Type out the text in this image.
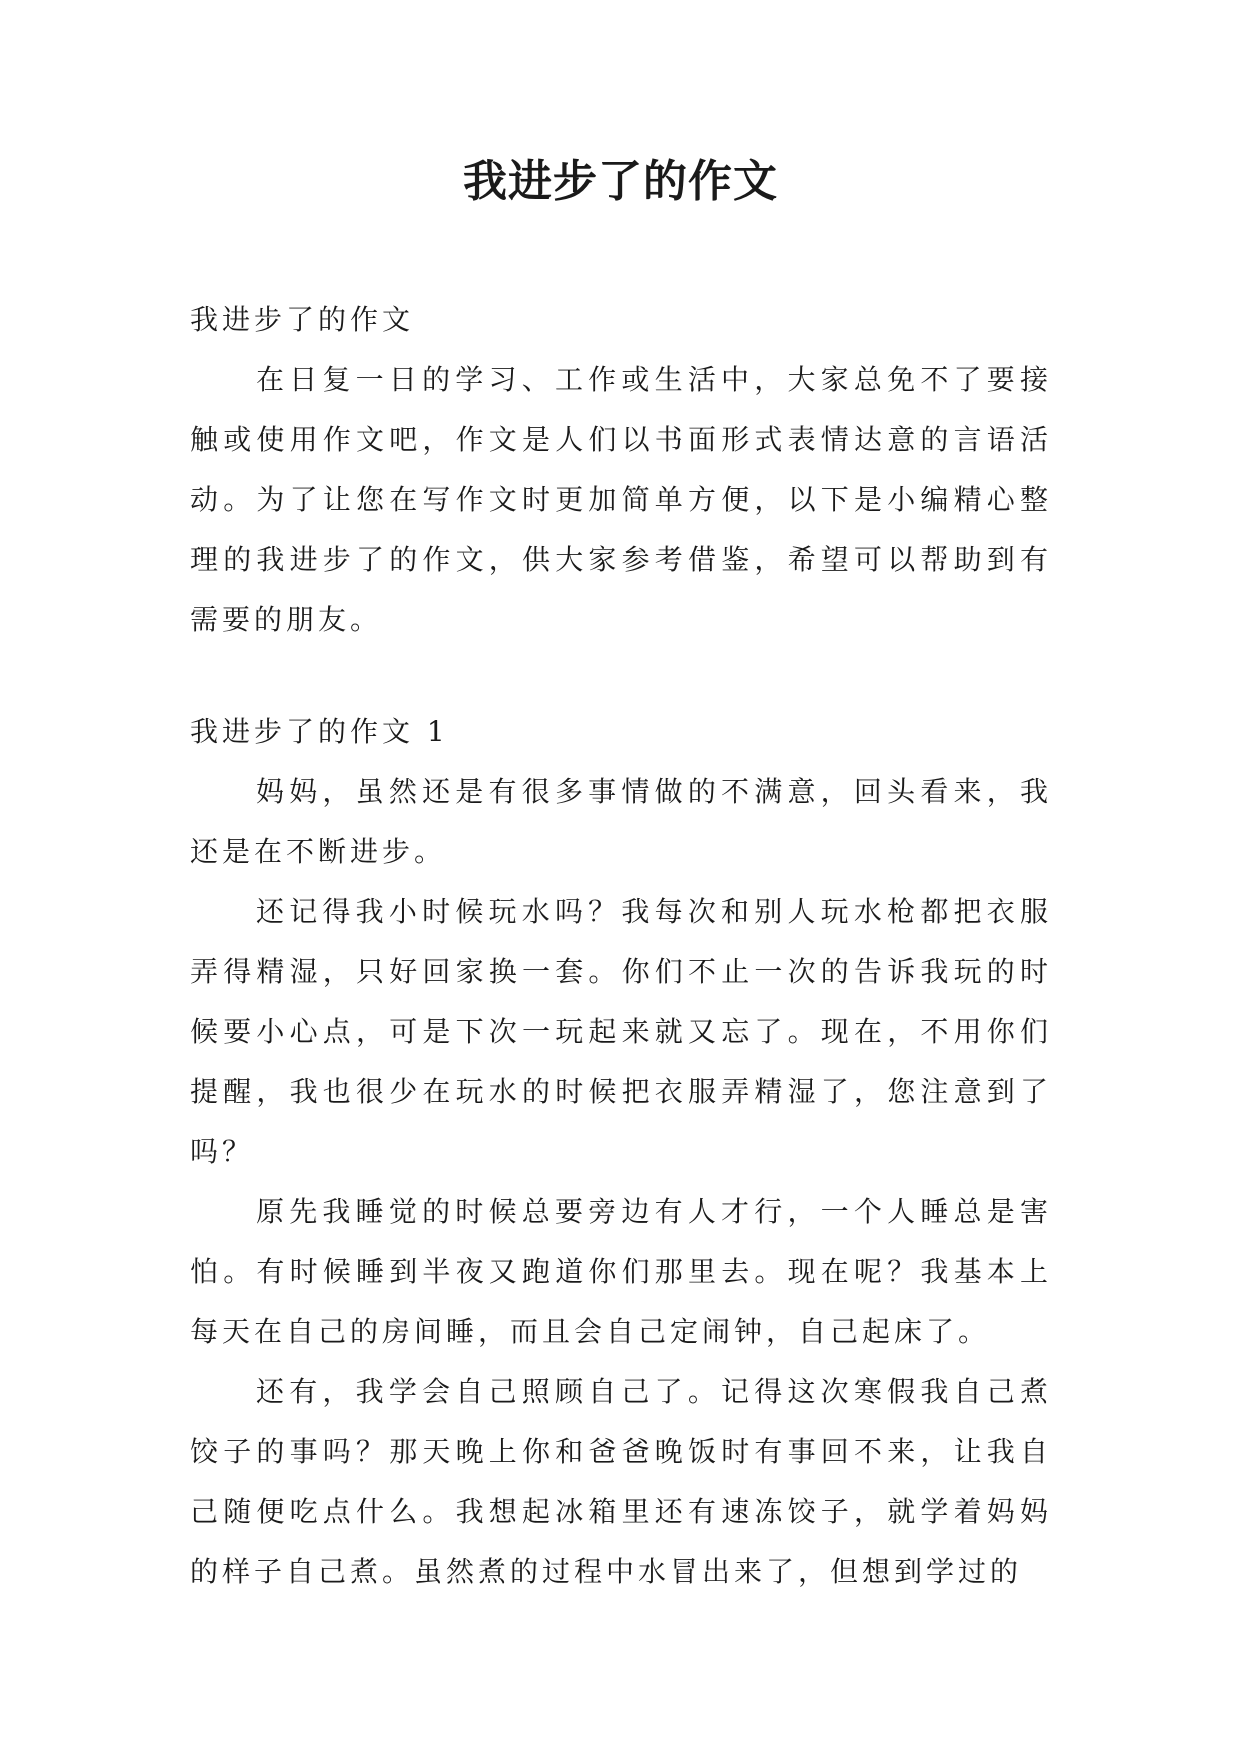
我进步了的作文

我进步了的作文

在日复一日的学习、工作或生活中，大家总免不了要接触或使用作文吧，作文是人们以书面形式表情达意的言语活动。为了让您在写作文时更加简单方便，以下是小编精心整理的我进步了的作文，供大家参考借鉴，希望可以帮助到有需要的朋友。

我进步了的作文 1

妈妈，虽然还是有很多事情做的不满意，回头看来，我还是在不断进步。

还记得我小时候玩水吗？我每次和别人玩水枪都把衣服弄得精湿，只好回家换一套。你们不止一次的告诉我玩的时候要小心点，可是下次一玩起来就又忘了。现在，不用你们提醒，我也很少在玩水的时候把衣服弄精湿了，您注意到了吗？

原先我睡觉的时候总要旁边有人才行，一个人睡总是害怕。有时候睡到半夜又跑道你们那里去。现在呢？我基本上每天在自己的房间睡，而且会自己定闹钟，自己起床了。

还有，我学会自己照顾自己了。记得这次寒假我自己煮饺子的事吗？那天晚上你和爸爸晚饭时有事回不来，让我自己随便吃点什么。我想起冰箱里还有速冻饺子，就学着妈妈的样子自己煮。虽然煮的过程中水冒出来了，但想到学过的
